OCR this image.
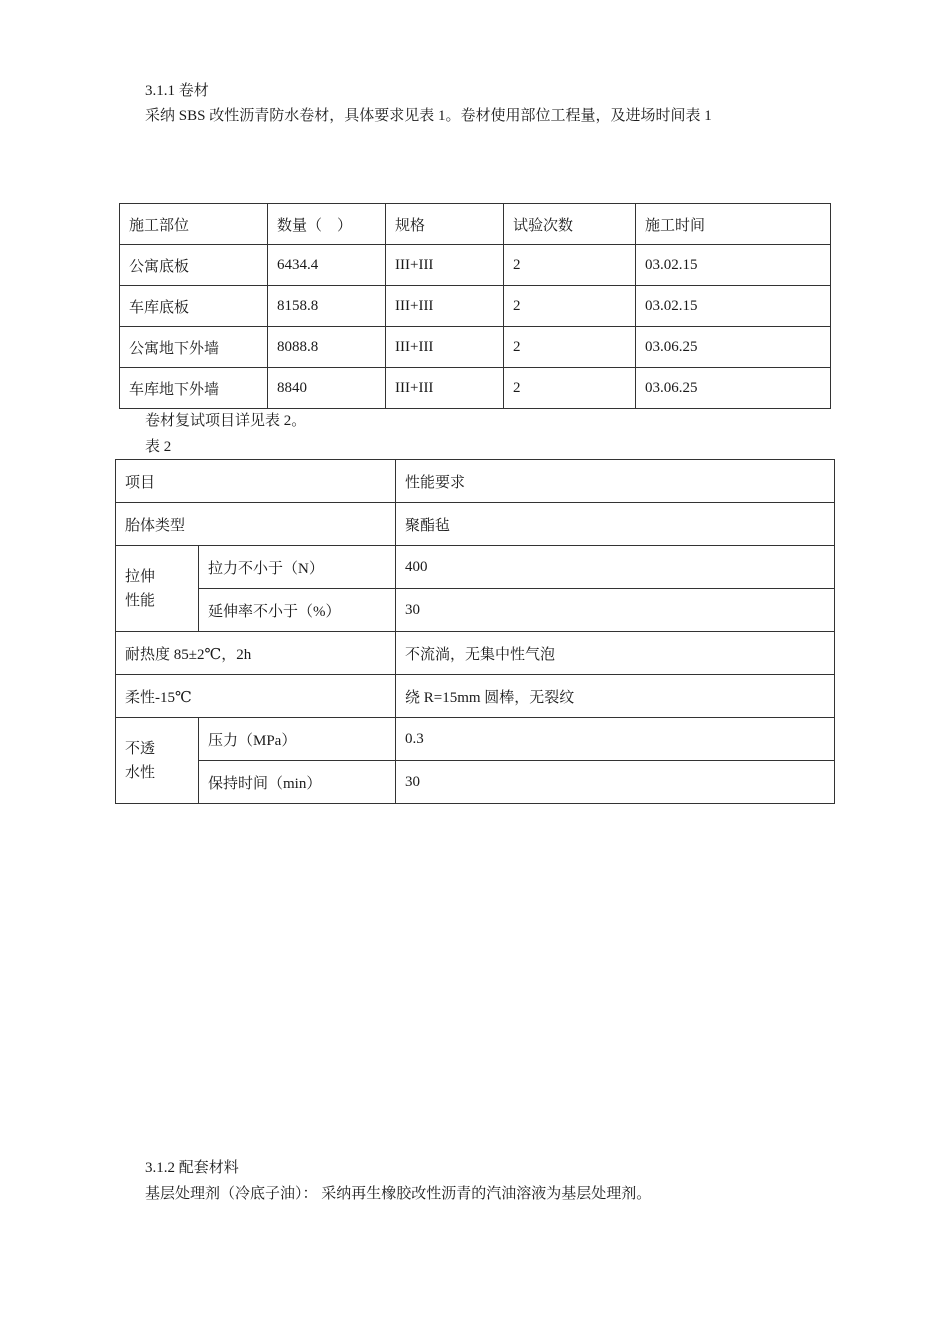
3.1.1 卷材
采纳 SBS 改性沥青防水卷材，具体要求见表 1。卷材使用部位工程量，及进场时间表 1
施工部位	数量（　）	规格	试验次数	施工时间
公寓底板	6434.4	III+III	2	03.02.15
车库底板	8158.8	III+III	2	03.02.15
公寓地下外墙	8088.8	III+III	2	03.06.25
车库地下外墙	8840	III+III	2	03.06.25
卷材复试项目详见表 2。
表 2
项目		性能要求
胎体类型		聚酯毡
拉伸
性能	拉力不小于（N）	400
	延伸率不小于（%）	30
耐热度 85±2℃，2h		不流淌，无集中性气泡
柔性-15℃		绕 R=15mm 圆棒，无裂纹
不透
水性	压力（MPa）	0.3
	保持时间（min）	30
3.1.2 配套材料
基层处理剂（冷底子油）： 采纳再生橡胶改性沥青的汽油溶液为基层处理剂。
